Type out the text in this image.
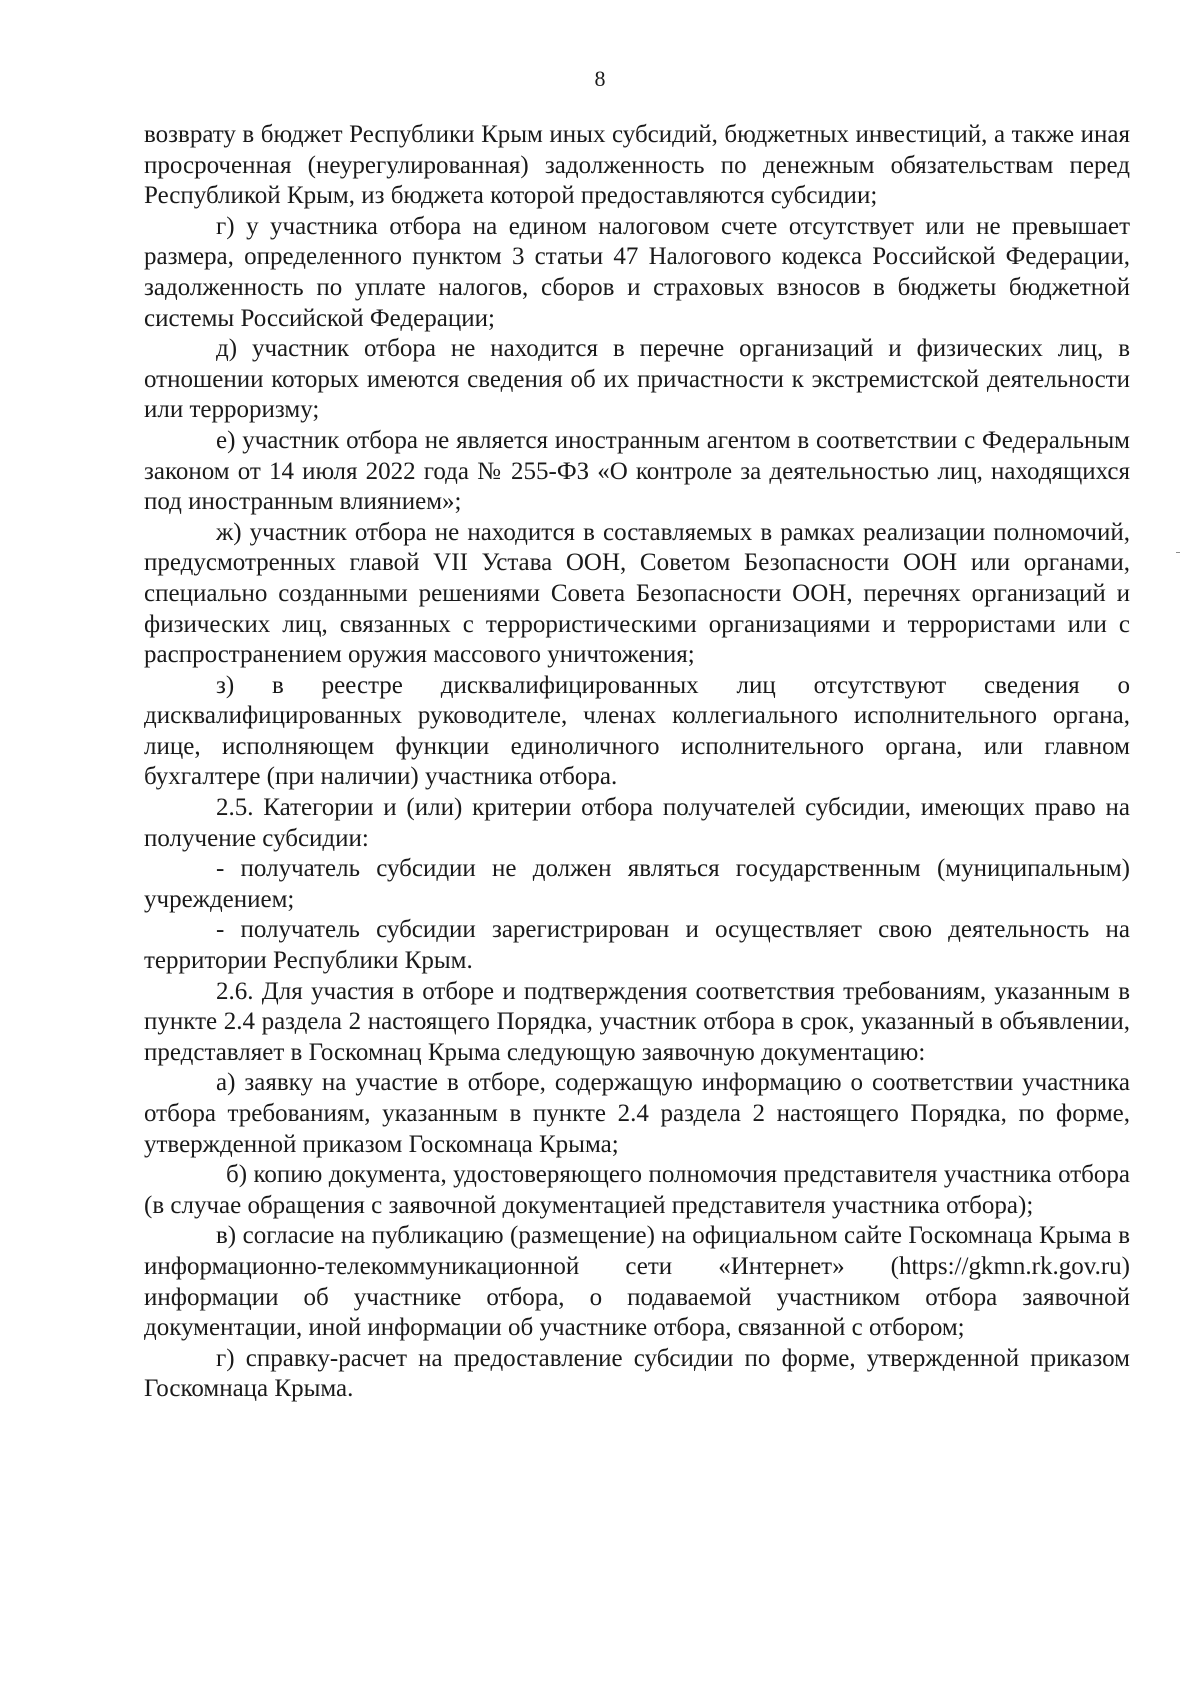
8

возврату в бюджет Республики Крым иных субсидий, бюджетных инвестиций, а также иная просроченная (неурегулированная) задолженность по денежным обязательствам перед Республикой Крым, из бюджета которой предоставляются субсидии;

г) у участника отбора на едином налоговом счете отсутствует или не превышает размера, определенного пунктом 3 статьи 47 Налогового кодекса Российской Федерации, задолженность по уплате налогов, сборов и страховых взносов в бюджеты бюджетной системы Российской Федерации;

д) участник отбора не находится в перечне организаций и физических лиц, в отношении которых имеются сведения об их причастности к экстремистской деятельности или терроризму;

е) участник отбора не является иностранным агентом в соответствии с Федеральным законом от 14 июля 2022 года № 255-ФЗ «О контроле за деятельностью лиц, находящихся под иностранным влиянием»;

ж) участник отбора не находится в составляемых в рамках реализации полномочий, предусмотренных главой VII Устава ООН, Советом Безопасности ООН или органами, специально созданными решениями Совета Безопасности ООН, перечнях организаций и физических лиц, связанных с террористическими организациями и террористами или с распространением оружия массового уничтожения;

з) в реестре дисквалифицированных лиц отсутствуют сведения о дисквалифицированных руководителе, членах коллегиального исполнительного органа, лице, исполняющем функции единоличного исполнительного органа, или главном бухгалтере (при наличии) участника отбора.

2.5. Категории и (или) критерии отбора получателей субсидии, имеющих право на получение субсидии:

- получатель субсидии не должен являться государственным (муниципальным) учреждением;

- получатель субсидии зарегистрирован и осуществляет свою деятельность на территории Республики Крым.

2.6. Для участия в отборе и подтверждения соответствия требованиям, указанным в пункте 2.4 раздела 2 настоящего Порядка, участник отбора в срок, указанный в объявлении, представляет в Госкомнац Крыма следующую заявочную документацию:

а) заявку на участие в отборе, содержащую информацию о соответствии участника отбора требованиям, указанным в пункте 2.4 раздела 2 настоящего Порядка, по форме, утвержденной приказом Госкомнаца Крыма;

б) копию документа, удостоверяющего полномочия представителя участника отбора (в случае обращения с заявочной документацией представителя участника отбора);

в) согласие на публикацию (размещение) на официальном сайте Госкомнаца Крыма в информационно-телекоммуникационной сети «Интернет» (https://gkmn.rk.gov.ru) информации об участнике отбора, о подаваемой участником отбора заявочной документации, иной информации об участнике отбора, связанной с отбором;

г) справку-расчет на предоставление субсидии по форме, утвержденной приказом Госкомнаца Крыма.
